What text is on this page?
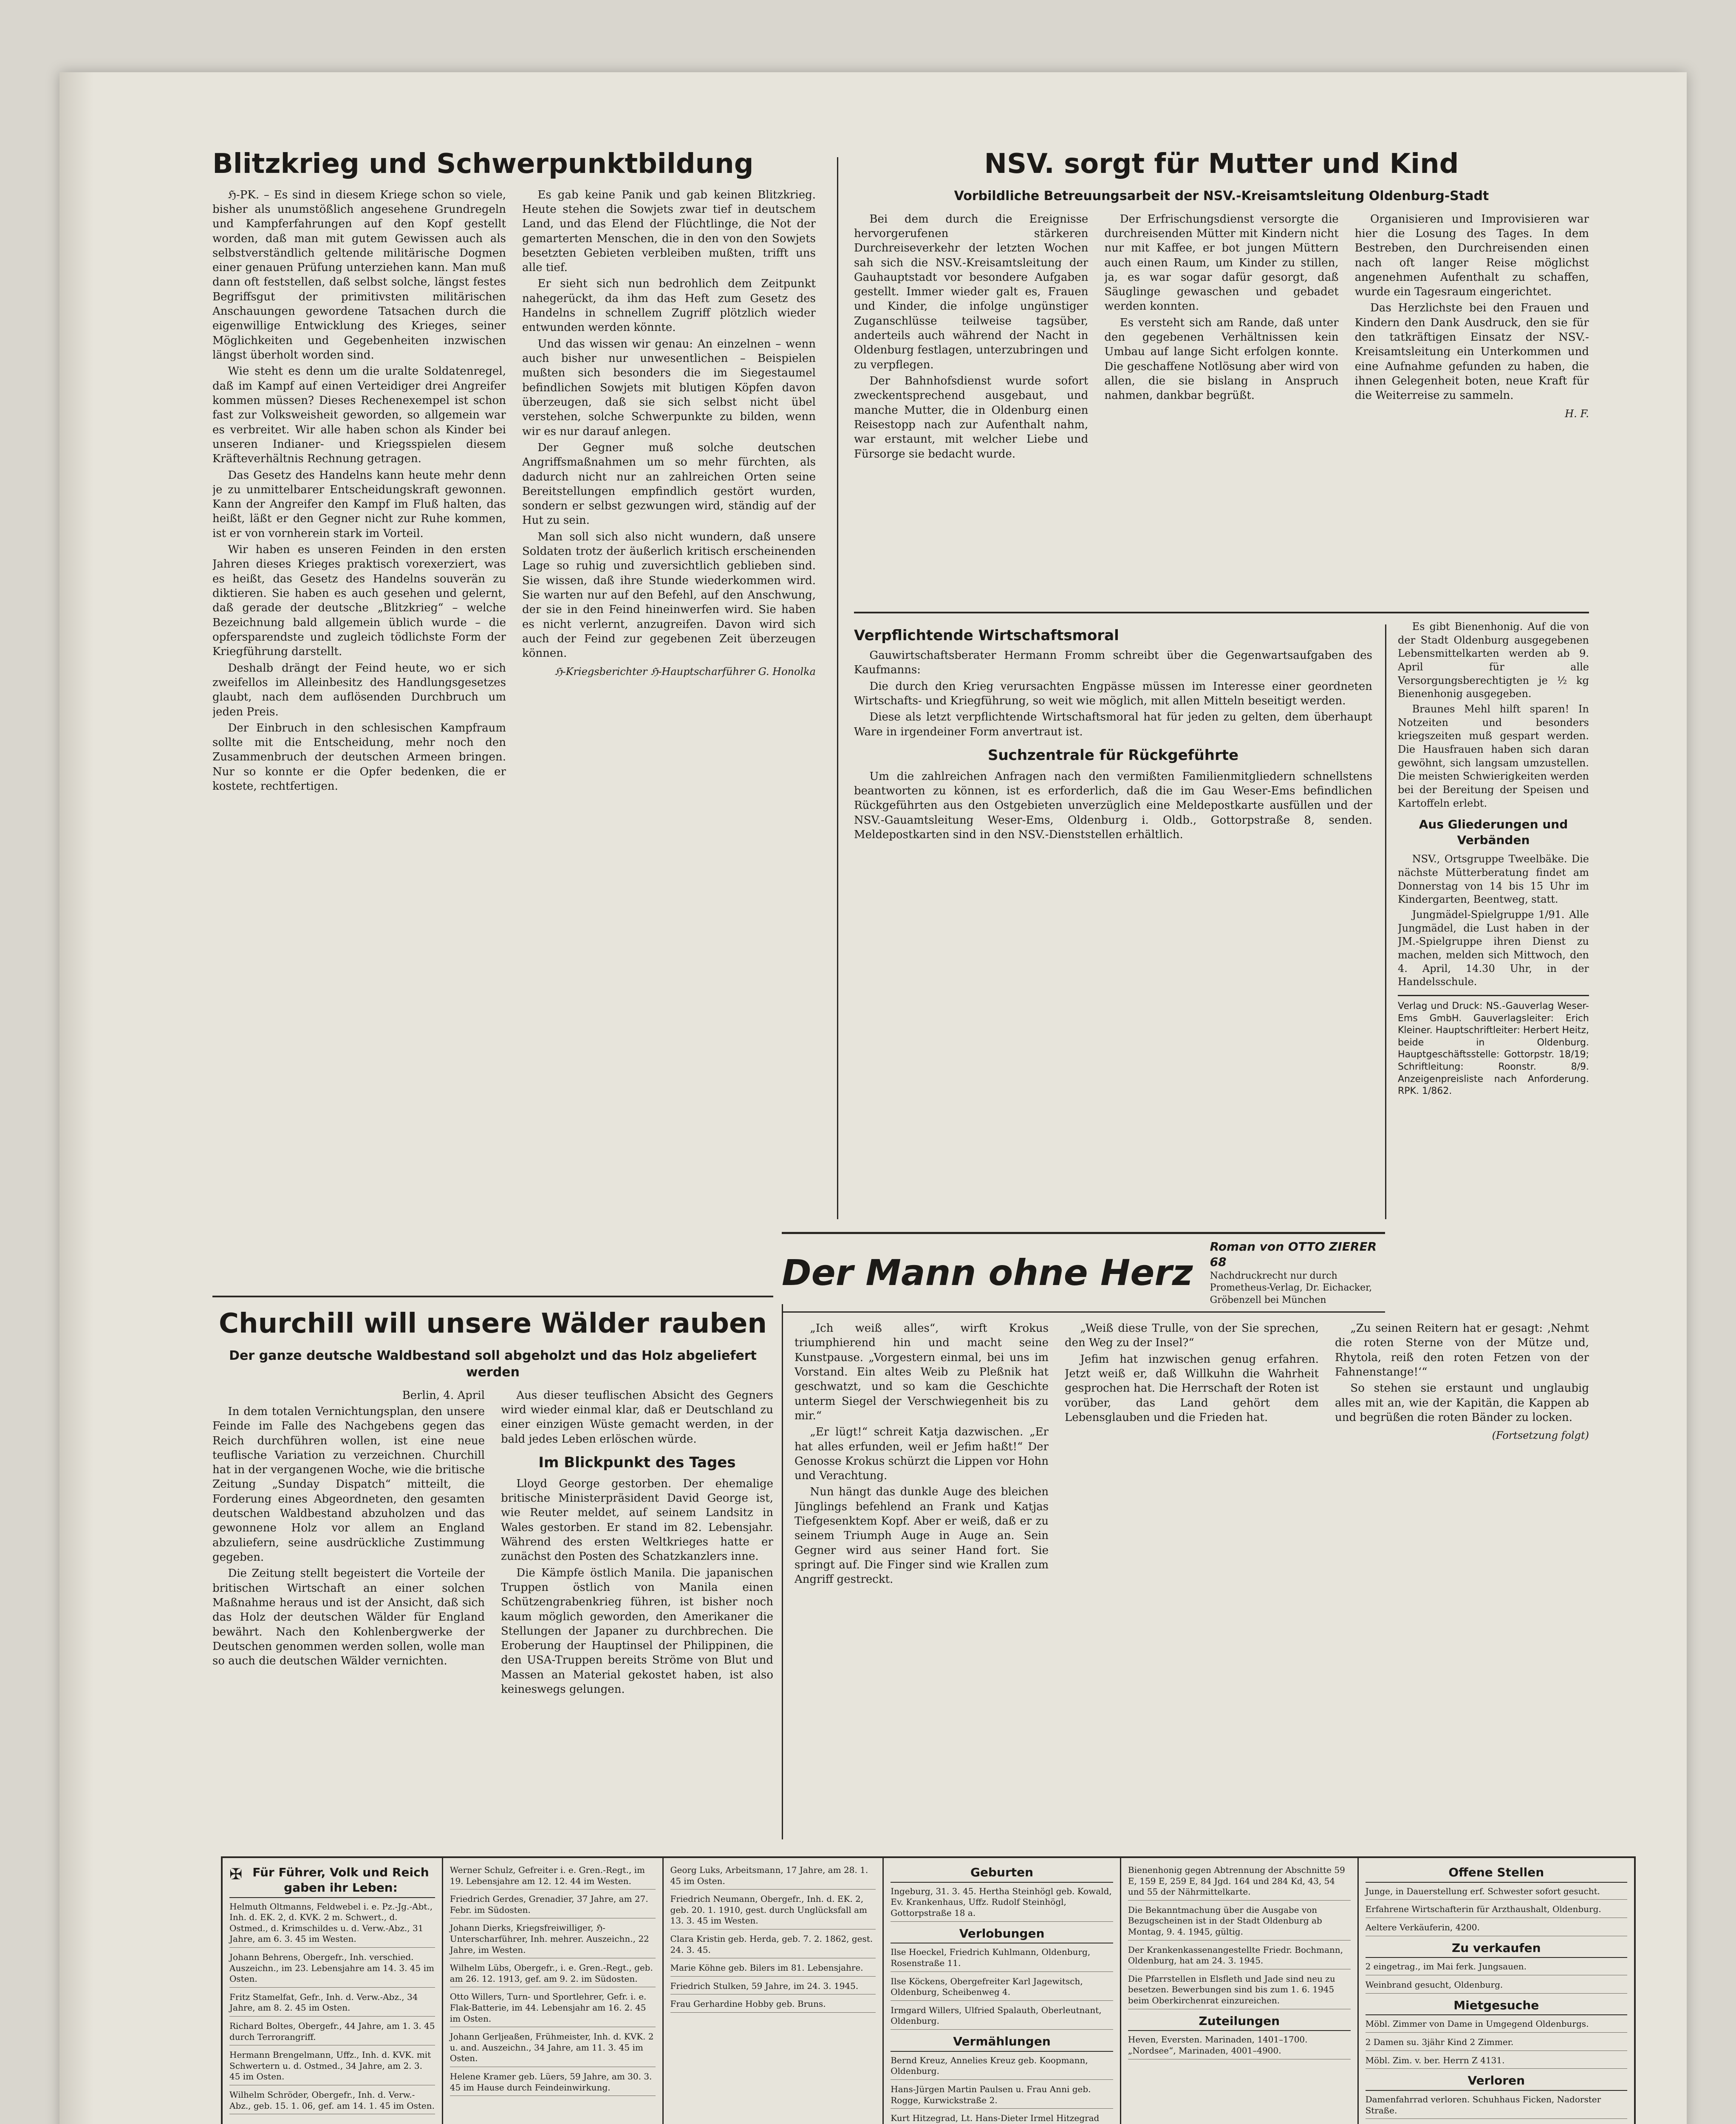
Blitzkrieg und Schwerpunktbildung

ℌ-PK. – Es sind in diesem Kriege schon so viele, bisher als unumstößlich angesehene Grundregeln und Kampferfahrungen auf den Kopf gestellt worden, daß man mit gutem Gewissen auch als selbstverständlich geltende militärische Dogmen einer genauen Prüfung unterziehen kann. Man muß dann oft feststellen, daß selbst solche, längst festes Begriffsgut der primitivsten militärischen Anschauungen gewordene Tatsachen durch die eigenwillige Entwicklung des Krieges, seiner Möglichkeiten und Gegebenheiten inzwischen längst überholt worden sind.

Wie steht es denn um die uralte Soldatenregel, daß im Kampf auf einen Verteidiger drei Angreifer kommen müssen? Dieses Rechenexempel ist schon fast zur Volksweisheit geworden, so allgemein war es verbreitet. Wir alle haben schon als Kinder bei unseren Indianer- und Kriegsspielen diesem Kräfteverhältnis Rechnung getragen.

Das Gesetz des Handelns kann heute mehr denn je zu unmittelbarer Entscheidungskraft gewonnen. Kann der Angreifer den Kampf im Fluß halten, das heißt, läßt er den Gegner nicht zur Ruhe kommen, ist er von vornherein stark im Vorteil.

Wir haben es unseren Feinden in den ersten Jahren dieses Krieges praktisch vorexerziert, was es heißt, das Gesetz des Handelns souverän zu diktieren. Sie haben es auch gesehen und gelernt, daß gerade der deutsche „Blitzkrieg“ – welche Bezeichnung bald allgemein üblich wurde – die opfersparendste und zugleich tödlichste Form der Kriegführung darstellt.

Deshalb drängt der Feind heute, wo er sich zweifellos im Alleinbesitz des Handlungsgesetzes glaubt, nach dem auflösenden Durchbruch um jeden Preis.

Der Einbruch in den schlesischen Kampfraum sollte mit die Entscheidung, mehr noch den Zusammenbruch der deutschen Armeen bringen. Nur so konnte er die Opfer bedenken, die er kostete, rechtfertigen.

Es gab keine Panik und gab keinen Blitzkrieg. Heute stehen die Sowjets zwar tief in deutschem Land, und das Elend der Flüchtlinge, die Not der gemarterten Menschen, die in den von den Sowjets besetzten Gebieten verbleiben mußten, trifft uns alle tief.

Er sieht sich nun bedrohlich dem Zeitpunkt nahegerückt, da ihm das Heft zum Gesetz des Handelns in schnellem Zugriff plötzlich wieder entwunden werden könnte.

Und das wissen wir genau: An einzelnen – wenn auch bisher nur unwesentlichen – Beispielen mußten sich besonders die im Siegestaumel befindlichen Sowjets mit blutigen Köpfen davon überzeugen, daß sie sich selbst nicht übel verstehen, solche Schwerpunkte zu bilden, wenn wir es nur darauf anlegen.

Der Gegner muß solche deutschen Angriffsmaßnahmen um so mehr fürchten, als dadurch nicht nur an zahlreichen Orten seine Bereitstellungen empfindlich gestört wurden, sondern er selbst gezwungen wird, ständig auf der Hut zu sein.

Man soll sich also nicht wundern, daß unsere Soldaten trotz der äußerlich kritisch erscheinenden Lage so ruhig und zuversichtlich geblieben sind. Sie wissen, daß ihre Stunde wiederkommen wird. Sie warten nur auf den Befehl, auf den Anschwung, der sie in den Feind hineinwerfen wird. Sie haben es nicht verlernt, anzugreifen. Davon wird sich auch der Feind zur gegebenen Zeit überzeugen können.

ℌ-Kriegsberichter ℌ-Hauptscharführer G. Honolka
NSV. sorgt für Mutter und Kind
Vorbildliche Betreuungsarbeit der NSV.-Kreisamtsleitung Oldenburg-Stadt

Bei dem durch die Ereignisse hervorgerufenen stärkeren Durchreiseverkehr der letzten Wochen sah sich die NSV.-Kreisamtsleitung der Gauhauptstadt vor besondere Aufgaben gestellt. Immer wieder galt es, Frauen und Kinder, die infolge ungünstiger Zuganschlüsse teilweise tagsüber, anderteils auch während der Nacht in Oldenburg festlagen, unterzubringen und zu verpflegen.

Der Bahnhofsdienst wurde sofort zweckentsprechend ausgebaut, und manche Mutter, die in Oldenburg einen Reisestopp nach zur Aufenthalt nahm, war erstaunt, mit welcher Liebe und Fürsorge sie bedacht wurde.

Der Erfrischungsdienst versorgte die durchreisenden Mütter mit Kindern nicht nur mit Kaffee, er bot jungen Müttern auch einen Raum, um Kinder zu stillen, ja, es war sogar dafür gesorgt, daß Säuglinge gewaschen und gebadet werden konnten.

Es versteht sich am Rande, daß unter den gegebenen Verhältnissen kein Umbau auf lange Sicht erfolgen konnte. Die geschaffene Notlösung aber wird von allen, die sie bislang in Anspruch nahmen, dankbar begrüßt.

Organisieren und Improvisieren war hier die Losung des Tages. In dem Bestreben, den Durchreisenden einen nach oft langer Reise möglichst angenehmen Aufenthalt zu schaffen, wurde ein Tagesraum eingerichtet.

Das Herzlichste bei den Frauen und Kindern den Dank Ausdruck, den sie für den tatkräftigen Einsatz der NSV.-Kreisamtsleitung ein Unterkommen und eine Aufnahme gefunden zu haben, die ihnen Gelegenheit boten, neue Kraft für die Weiterreise zu sammeln.

H. F.
Verpflichtende Wirtschaftsmoral

Gauwirtschaftsberater Hermann Fromm schreibt über die Gegenwartsaufgaben des Kaufmanns:

Die durch den Krieg verursachten Engpässe müssen im Interesse einer geordneten Wirtschafts- und Kriegführung, so weit wie möglich, mit allen Mitteln beseitigt werden.

Diese als letzt verpflichtende Wirtschaftsmoral hat für jeden zu gelten, dem überhaupt Ware in irgendeiner Form anvertraut ist.

Suchzentrale für Rückgeführte

Um die zahlreichen Anfragen nach den vermißten Familienmitgliedern schnellstens beantworten zu können, ist es erforderlich, daß die im Gau Weser-Ems befindlichen Rückgeführten aus den Ostgebieten unverzüglich eine Meldepostkarte ausfüllen und der NSV.-Gauamtsleitung Weser-Ems, Oldenburg i. Oldb., Gottorpstraße 8, senden. Meldepostkarten sind in den NSV.-Dienststellen erhältlich.

Es gibt Bienenhonig. Auf die von der Stadt Oldenburg ausgegebenen Lebensmittelkarten werden ab 9. April für alle Versorgungsberechtigten je ½ kg Bienenhonig ausgegeben.

Braunes Mehl hilft sparen! In Notzeiten und besonders kriegszeiten muß gespart werden. Die Hausfrauen haben sich daran gewöhnt, sich langsam umzustellen. Die meisten Schwierigkeiten werden bei der Bereitung der Speisen und Kartoffeln erlebt.

Aus Gliederungen und Verbänden

NSV., Ortsgruppe Tweelbäke. Die nächste Mütterberatung findet am Donnerstag von 14 bis 15 Uhr im Kindergarten, Beentweg, statt.

Jungmädel-Spielgruppe 1/91. Alle Jungmädel, die Lust haben in der JM.-Spielgruppe ihren Dienst zu machen, melden sich Mittwoch, den 4. April, 14.30 Uhr, in der Handelsschule.

Verlag und Druck: NS.-Gauverlag Weser-Ems GmbH. Gauverlagsleiter: Erich Kleiner. Hauptschriftleiter: Herbert Heitz, beide in Oldenburg. Hauptgeschäftsstelle: Gottorpstr. 18/19; Schriftleitung: Roonstr. 8/9. Anzeigenpreisliste nach Anforderung. RPK. 1/862.
Churchill will unsere Wälder rauben
Der ganze deutsche Waldbestand soll abgeholzt und das Holz abgeliefert werden

Berlin, 4. April

In dem totalen Vernichtungsplan, den unsere Feinde im Falle des Nachgebens gegen das Reich durchführen wollen, ist eine neue teuflische Variation zu verzeichnen. Churchill hat in der vergangenen Woche, wie die britische Zeitung „Sunday Dispatch“ mitteilt, die Forderung eines Abgeordneten, den gesamten deutschen Waldbestand abzuholzen und das gewonnene Holz vor allem an England abzuliefern, seine ausdrückliche Zustimmung gegeben.

Die Zeitung stellt begeistert die Vorteile der britischen Wirtschaft an einer solchen Maßnahme heraus und ist der Ansicht, daß sich das Holz der deutschen Wälder für England bewährt. Nach den Kohlenbergwerke der Deutschen genommen werden sollen, wolle man so auch die deutschen Wälder vernichten.

Aus dieser teuflischen Absicht des Gegners wird wieder einmal klar, daß er Deutschland zu einer einzigen Wüste gemacht werden, in der bald jedes Leben erlöschen würde.

Im Blickpunkt des Tages

Lloyd George gestorben. Der ehemalige britische Ministerpräsident David George ist, wie Reuter meldet, auf seinem Landsitz in Wales gestorben. Er stand im 82. Lebensjahr. Während des ersten Weltkrieges hatte er zunächst den Posten des Schatzkanzlers inne.

Die Kämpfe östlich Manila. Die japanischen Truppen östlich von Manila einen Schützengrabenkrieg führen, ist bisher noch kaum möglich geworden, den Amerikaner die Stellungen der Japaner zu durchbrechen. Die Eroberung der Hauptinsel der Philippinen, die den USA-Truppen bereits Ströme von Blut und Massen an Material gekostet haben, ist also keineswegs gelungen.

Der Mann ohne Herz
Roman von OTTO ZIERER 68
Nachdruckrecht nur durch Prometheus-Verlag, Dr. Eichacker, Gröbenzell bei München

„Ich weiß alles“, wirft Krokus triumphierend hin und macht seine Kunstpause. „Vorgestern einmal, bei uns im Vorstand. Ein altes Weib zu Pleßnik hat geschwatzt, und so kam die Geschichte unterm Siegel der Verschwiegenheit bis zu mir.“

„Er lügt!“ schreit Katja dazwischen. „Er hat alles erfunden, weil er Jefim haßt!“ Der Genosse Krokus schürzt die Lippen vor Hohn und Verachtung.

Nun hängt das dunkle Auge des bleichen Jünglings befehlend an Frank und Katjas Tiefgesenktem Kopf. Aber er weiß, daß er zu seinem Triumph Auge in Auge an. Sein Gegner wird aus seiner Hand fort. Sie springt auf. Die Finger sind wie Krallen zum Angriff gestreckt.

„Weiß diese Trulle, von der Sie sprechen, den Weg zu der Insel?“

Jefim hat inzwischen genug erfahren. Jetzt weiß er, daß Willkuhn die Wahrheit gesprochen hat. Die Herrschaft der Roten ist vorüber, das Land gehört dem Lebensglauben und die Frieden hat.

„Zu seinen Reitern hat er gesagt: ‚Nehmt die roten Sterne von der Mütze und, Rhytola, reiß den roten Fetzen von der Fahnenstange!‘“

So stehen sie erstaunt und unglaubig alles mit an, wie der Kapitän, die Kappen ab und begrüßen die roten Bänder zu locken.

(Fortsetzung folgt)
✠ Für Führer, Volk und Reich gaben ihr Leben:
Helmuth Oltmanns, Feldwebel i. e. Pz.-Jg.-Abt., Inh. d. EK. 2, d. KVK. 2 m. Schwert., d. Ostmed., d. Krimschildes u. d. Verw.-Abz., 31 Jahre, am 6. 3. 45 im Westen.
Johann Behrens, Obergefr., Inh. verschied. Auszeichn., im 23. Lebensjahre am 14. 3. 45 im Osten.
Fritz Stamelfat, Gefr., Inh. d. Verw.-Abz., 34 Jahre, am 8. 2. 45 im Osten.
Richard Boltes, Obergefr., 44 Jahre, am 1. 3. 45 durch Terrorangriff.
Hermann Brengelmann, Uffz., Inh. d. KVK. mit Schwertern u. d. Ostmed., 34 Jahre, am 2. 3. 45 im Osten.
Wilhelm Schröder, Obergefr., Inh. d. Verw.-Abz., geb. 15. 1. 06, gef. am 14. 1. 45 im Osten.
Werner Schulz, Gefreiter i. e. Gren.-Regt., im 19. Lebensjahre am 12. 12. 44 im Westen.
Friedrich Gerdes, Grenadier, 37 Jahre, am 27. Febr. im Südosten.
Johann Dierks, Kriegsfreiwilliger, ℌ-Unterscharführer, Inh. mehrer. Auszeichn., 22 Jahre, im Westen.
Wilhelm Lübs, Obergefr., i. e. Gren.-Regt., geb. am 26. 12. 1913, gef. am 9. 2. im Südosten.
Otto Willers, Turn- und Sportlehrer, Gefr. i. e. Flak-Batterie, im 44. Lebensjahr am 16. 2. 45 im Osten.
Johann Gerljeaßen, Frühmeister, Inh. d. KVK. 2 u. and. Auszeichn., 34 Jahre, am 11. 3. 45 im Osten.
Helene Kramer geb. Lüers, 59 Jahre, am 30. 3. 45 im Hause durch Feindeinwirkung.
Georg Luks, Arbeitsmann, 17 Jahre, am 28. 1. 45 im Osten.
Friedrich Neumann, Obergefr., Inh. d. EK. 2, geb. 20. 1. 1910, gest. durch Unglücksfall am 13. 3. 45 im Westen.
Clara Kristin geb. Herda, geb. 7. 2. 1862, gest. 24. 3. 45.
Marie Köhne geb. Bilers im 81. Lebensjahre.
Friedrich Stulken, 59 Jahre, im 24. 3. 1945.
Frau Gerhardine Hobby geb. Bruns.
Geburten
Ingeburg, 31. 3. 45. Hertha Steinhögl geb. Kowald, Ev. Krankenhaus, Uffz. Rudolf Steinhögl, Gottorpstraße 18 a.
Verlobungen
Ilse Hoeckel, Friedrich Kuhlmann, Oldenburg, Rosenstraße 11.
Ilse Köckens, Obergefreiter Karl Jagewitsch, Oldenburg, Scheibenweg 4.
Irmgard Willers, Ulfried Spalauth, Oberleutnant, Oldenburg.
Vermählungen
Bernd Kreuz, Annelies Kreuz geb. Koopmann, Oldenburg.
Hans-Jürgen Martin Paulsen u. Frau Anni geb. Rogge, Kurwickstraße 2.
Kurt Hitzegrad, Lt. Hans-Dieter Irmel Hitzegrad
Bienenhonig gegen Abtrennung der Abschnitte 59 E, 159 E, 259 E, 84 Jgd. 164 und 284 Kd, 43, 54 und 55 der Nährmittelkarte.
Die Bekanntmachung über die Ausgabe von Bezugscheinen ist in der Stadt Oldenburg ab Montag, 9. 4. 1945, gültig.
Der Krankenkassenangestellte Friedr. Bochmann, Oldenburg, hat am 24. 3. 1945.
Die Pfarrstellen in Elsfleth und Jade sind neu zu besetzen. Bewerbungen sind bis zum 1. 6. 1945 beim Oberkirchenrat einzureichen.
Zuteilungen
Heven, Eversten. Marinaden, 1401–1700. „Nordsee“, Marinaden, 4001–4900.
Offene Stellen
Junge, in Dauerstellung erf. Schwester sofort gesucht.
Erfahrene Wirtschafterin für Arzthaushalt, Oldenburg.
Aeltere Verkäuferin, 4200.
Zu verkaufen
2 eingetrag., im Mai ferk. Jungsauen.
Weinbrand gesucht, Oldenburg.
Mietgesuche
Möbl. Zimmer von Dame in Umgegend Oldenburgs.
2 Damen su. 3jähr Kind 2 Zimmer.
Möbl. Zim. v. ber. Herrn Z 4131.
Verloren
Damenfahrrad verloren. Schuhhaus Ficken, Nadorster Straße.
